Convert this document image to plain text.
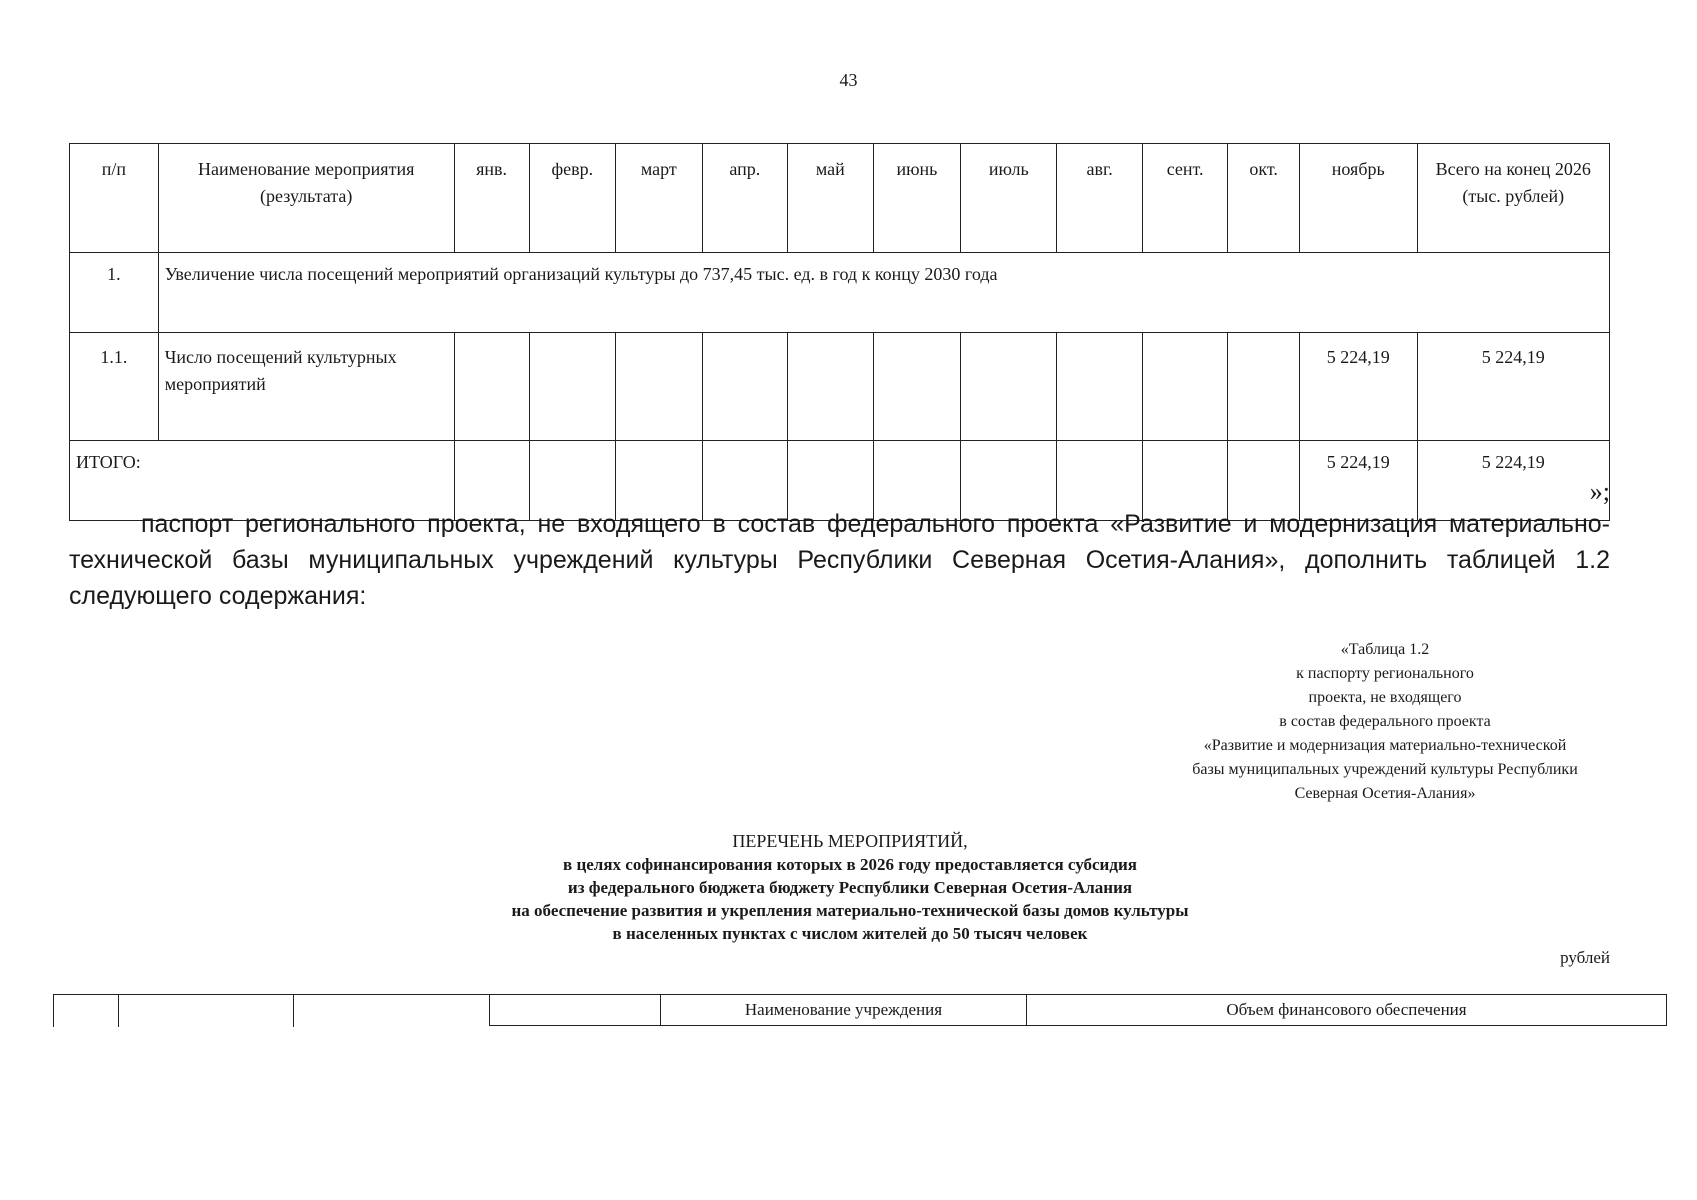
43
п/п	Наименование мероприятия (результата)	янв.	февр.	март	апр.	май	июнь	июль	авг.	сент.	окт.	ноябрь	Всего на конец 2026 (тыс. рублей)
1.	Увеличение числа посещений мероприятий организаций культуры до 737,45 тыс. ед. в год к концу 2030 года												
1.1.	Число посещений культурных мероприятий											5 224,19	5 224,19
ИТОГО:												5 224,19	5 224,19
»;
паспорт регионального проекта, не входящего в состав федерального проекта «Развитие и модернизация материально-технической базы муниципальных учреждений культуры Республики Северная Осетия-Алания», дополнить таблицей 1.2 следующего содержания:
«Таблица 1.2
к паспорту регионального
проекта, не входящего
в состав федерального проекта
«Развитие и модернизация материально-технической
базы муниципальных учреждений культуры Республики
Северная Осетия-Алания»
ПЕРЕЧЕНЬ МЕРОПРИЯТИЙ,
в целях софинансирования которых в 2026 году предоставляется субсидия
из федерального бюджета бюджету Республики Северная Осетия-Алания
на обеспечение развития и укрепления материально-технической базы домов культуры
в населенных пунктах с числом жителей до 50 тысяч человек
рублей
	Наименование учреждения	Объем финансового обеспечения
